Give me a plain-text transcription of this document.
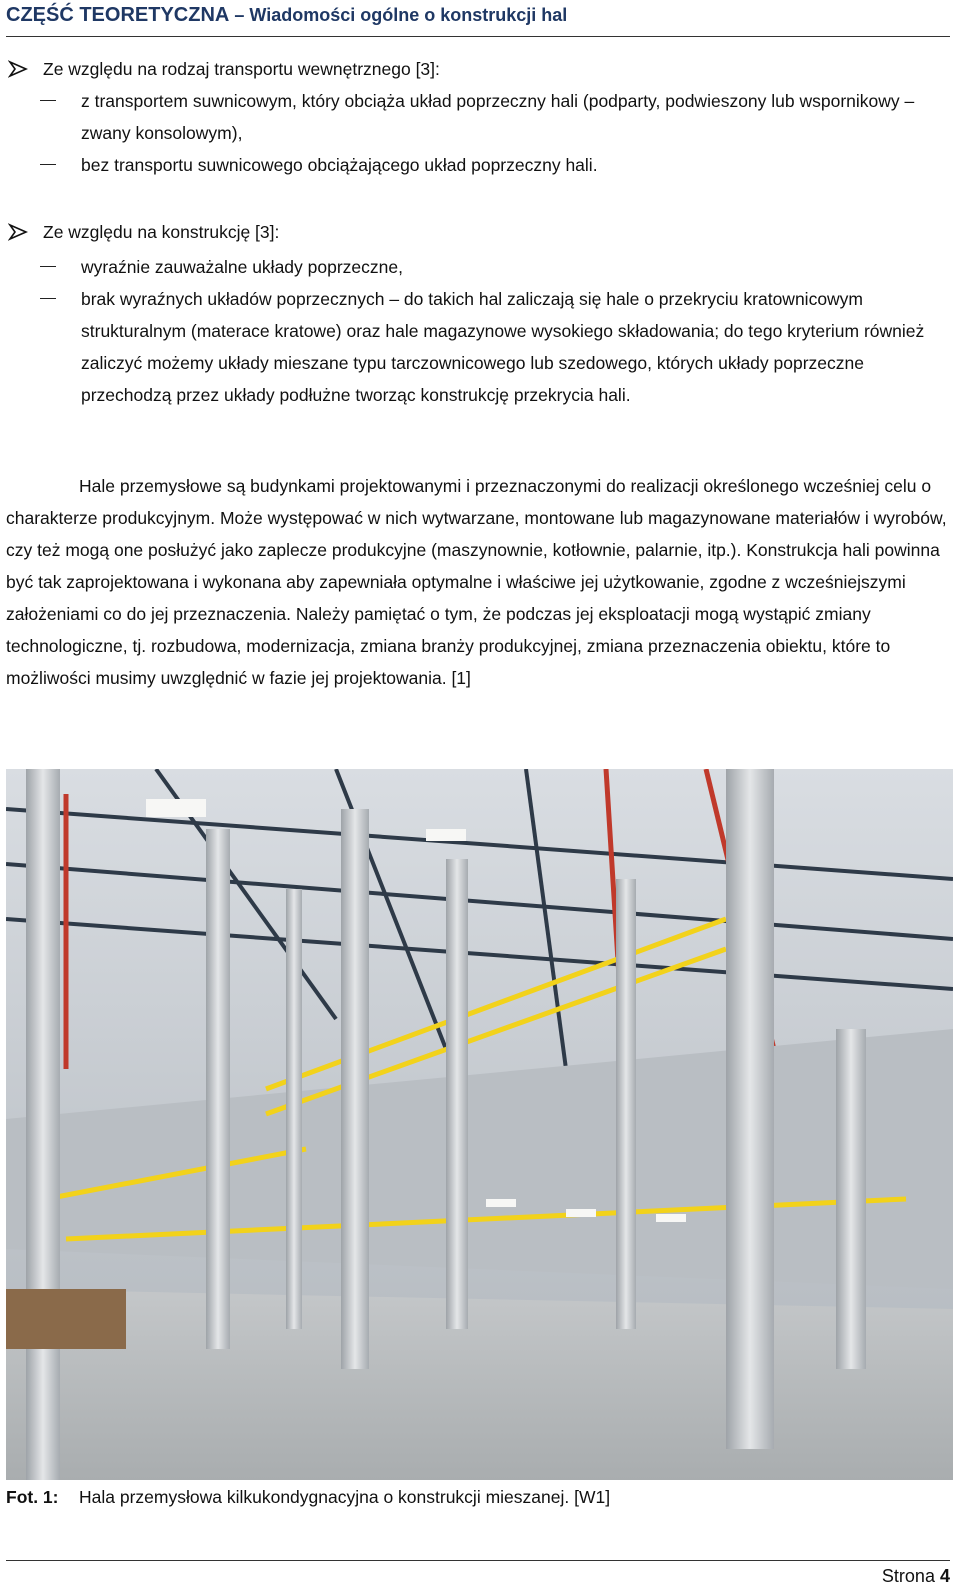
CZĘŚĆ TEORETYCZNA – Wiadomości ogólne o konstrukcji hal
Ze względu na rodzaj transportu wewnętrznego [3]:
z transportem suwnicowym, który obciąża układ poprzeczny hali (podparty, podwieszony lub wspornikowy – zwany konsolowym),
bez transportu suwnicowego obciążającego układ poprzeczny hali.
Ze względu na konstrukcję [3]:
wyraźnie zauważalne układy poprzeczne,
brak wyraźnych układów poprzecznych – do takich hal zaliczają się hale o przekryciu kratownicowym strukturalnym (materace kratowe) oraz hale magazynowe wysokiego składowania; do tego kryterium również zaliczyć możemy układy mieszane typu tarczownicowego lub szedowego, których układy poprzeczne przechodzą przez układy podłużne tworząc konstrukcję przekrycia hali.
Hale przemysłowe są budynkami projektowanymi i przeznaczonymi do realizacji określonego wcześniej celu o charakterze produkcyjnym. Może występować w nich wytwarzane, montowane lub magazynowane materiałów i wyrobów, czy też mogą one posłużyć jako zaplecze produkcyjne (maszynownie, kotłownie, palarnie, itp.). Konstrukcja hali powinna być tak zaprojektowana i wykonana aby zapewniała optymalne i właściwe jej użytkowanie, zgodne z wcześniejszymi założeniami co do jej przeznaczenia. Należy pamiętać o tym, że podczas jej eksploatacji mogą wystąpić zmiany technologiczne, tj. rozbudowa, modernizacja, zmiana branży produkcyjnej, zmiana przeznaczenia obiektu, które to możliwości musimy uwzględnić w fazie jej projektowania. [1]
Fot. 1: Hala przemysłowa kilkukondygnacyjna o konstrukcji mieszanej. [W1]
Strona 4
